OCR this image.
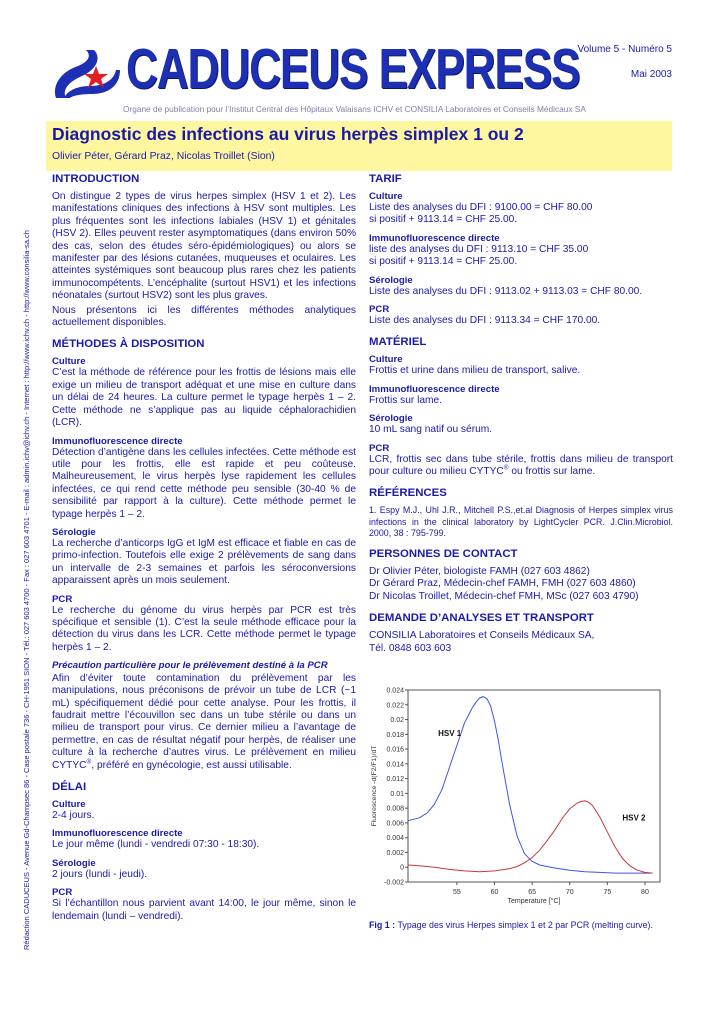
CADUCEUS EXPRESS
Volume 5 - Numéro 5
Mai 2003
Organe de publication pour l’Institut Central des Hôpitaux Valaisans ICHV et CONSILIA Laboratoires et Conseils Médicaux SA
Rédaction CADUCEUS - Avenue Gd-Champsec 86 - Case postale 736 - CH-1951 SION - Tél.: 027 603 4700 - Fax : 027 603 4701 - E-mail : admin.ichv@ichv.ch - Internet : http://www.ichv.ch - http://www.consilia-sa.ch
Diagnostic des infections au virus herpès simplex 1 ou 2
Olivier Péter, Gérard Praz, Nicolas Troillet (Sion)
INTRODUCTION

On distingue 2 types de virus herpes simplex (HSV 1 et 2). Les manifestations cliniques des infections à HSV sont multiples. Les plus fréquentes sont les infections labiales (HSV 1) et génitales (HSV 2). Elles peuvent rester asymptomatiques (dans environ 50% des cas, selon des études séro-épidémiologiques) ou alors se manifester par des lésions cutanées, muqueuses et oculaires. Les atteintes systémiques sont beaucoup plus rares chez les patients immunocompétents. L’encéphalite (surtout HSV1) et les infections néonatales (surtout HSV2) sont les plus graves.

Nous présentons ici les différentes méthodes analytiques actuellement disponibles.

MÉTHODES À DISPOSITION
Culture

C’est la méthode de référence pour les frottis de lésions mais elle exige un milieu de transport adéquat et une mise en culture dans un délai de 24 heures. La culture permet le typage herpès 1 – 2. Cette méthode ne s’applique pas au liquide céphalorachidien (LCR).

Immunofluorescence directe

Détection d’antigène dans les cellules infectées. Cette méthode est utile pour les frottis, elle est rapide et peu coûteuse. Malheureusement, le virus herpès lyse rapidement les cellules infectées, ce qui rend cette méthode peu sensible (30-40 % de sensibilité par rapport à la culture). Cette méthode permet le typage herpès 1 – 2.

Sérologie

La recherche d’anticorps IgG et IgM est efficace et fiable en cas de primo-infection. Toutefois elle exige 2 prélèvements de sang dans un intervalle de 2-3 semaines et parfois les séroconversions apparaissent après un mois seulement.

PCR

Le recherche du génome du virus herpès par PCR est très spécifique et sensible (1). C’est la seule méthode efficace pour la détection du virus dans les LCR. Cette méthode permet le typage herpès 1 – 2.

Précaution particulière pour le prélèvement destiné à la PCR

Afin d’éviter toute contamination du prélèvement par les manipulations, nous préconisons de prévoir un tube de LCR (~1 mL) spécifiquement dédié pour cette analyse. Pour les frottis, il faudrait mettre l’écouvillon sec dans un tube stérile ou dans un milieu de transport pour virus. Ce dernier milieu a l’avantage de permettre, en cas de résultat négatif pour herpès, de réaliser une culture à la recherche d’autres virus. Le prélèvement en milieu CYTYC®, préféré en gynécologie, est aussi utilisable.

DÉLAI
Culture

2-4 jours.

Immunofluorescence directe

Le jour même (lundi - vendredi 07:30 - 18:30).

Sérologie

2 jours (lundi - jeudi).

PCR

Si l’échantillon nous parvient avant 14:00, le jour même, sinon le lendemain (lundi – vendredi).

TARIF
Culture

Liste des analyses du DFI : 9100.00 = CHF 80.00

si positif + 9113.14 = CHF 25.00.

Immunofluorescence directe

liste des analyses du DFI : 9113.10 = CHF 35.00

si positif + 9113.14 = CHF 25.00.

Sérologie

Liste des analyses du DFI : 9113.02 + 9113.03 = CHF 80.00.

PCR

Liste des analyses du DFI : 9113.34 = CHF 170.00.

MATÉRIEL
Culture

Frottis et urine dans milieu de transport, salive.

Immunofluorescence directe

Frottis sur lame.

Sérologie

10 mL sang natif ou sérum.

PCR

LCR, frottis sec dans tube stérile, frottis dans milieu de transport pour culture ou milieu CYTYC® ou frottis sur lame.

RÉFÉRENCES

1. Espy M.J., Uhl J.R., Mitchell P.S.,et.al Diagnosis of Herpes simplex virus infections in the clinical laboratory by LightCycler PCR. J.Clin.Microbiol. 2000, 38 : 795-799.

PERSONNES DE CONTACT

Dr Olivier Péter, biologiste FAMH (027 603 4862)

Dr Gérard Praz, Médecin-chef FAMH, FMH (027 603 4860)

Dr Nicolas Troillet, Médecin-chef FMH, MSc (027 603 4790)

DEMANDE D’ANALYSES ET TRANSPORT

CONSILIA Laboratoires et Conseils Médicaux SA,

Tél. 0848 603 603

-0.002
0
0.002
0.004
0.006
0.008
0.01
0.012
0.014
0.016
0.018
0.02
0.022
0.024
55	60	65	70	75	80
Temperature [°C]
Fluorescence -d(F2/F1)/dT
HSV 1
HSV 2
Fig 1 : Typage des virus Herpes simplex 1 et 2 par PCR (melting curve).
